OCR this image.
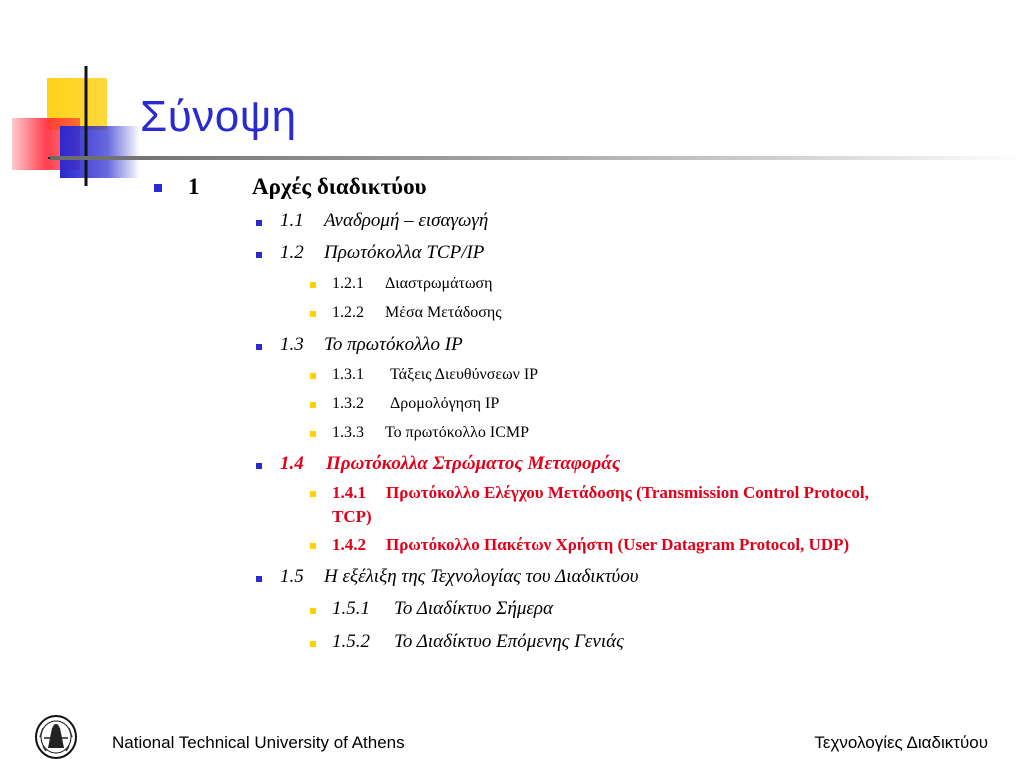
Σύνοψη
1 Αρχές διαδικτύου
1.1 Αναδρομή – εισαγωγή
1.2 Πρωτόκολλα TCP/IP
1.2.1 Διαστρωμάτωση
1.2.2 Μέσα Μετάδοσης
1.3 Το πρωτόκολλο IP
1.3.1 Τάξεις Διευθύνσεων IP
1.3.2 Δρομολόγηση IP
1.3.3 Το πρωτόκολλο ICMP
1.4 Πρωτόκολλα Στρώματος Μεταφοράς
1.4.1 Πρωτόκολλο Ελέγχου Μετάδοσης (Transmission Control Protocol,
TCP)
1.4.2 Πρωτόκολλο Πακέτων Χρήστη (User Datagram Protocol, UDP)
1.5 Η εξέλιξη της Τεχνολογίας του Διαδικτύου
1.5.1 Το Διαδίκτυο Σήμερα
1.5.2 Το Διαδίκτυο Επόμενης Γενιάς
National Technical University of Athens	Τεχνολογίες Διαδικτύου
